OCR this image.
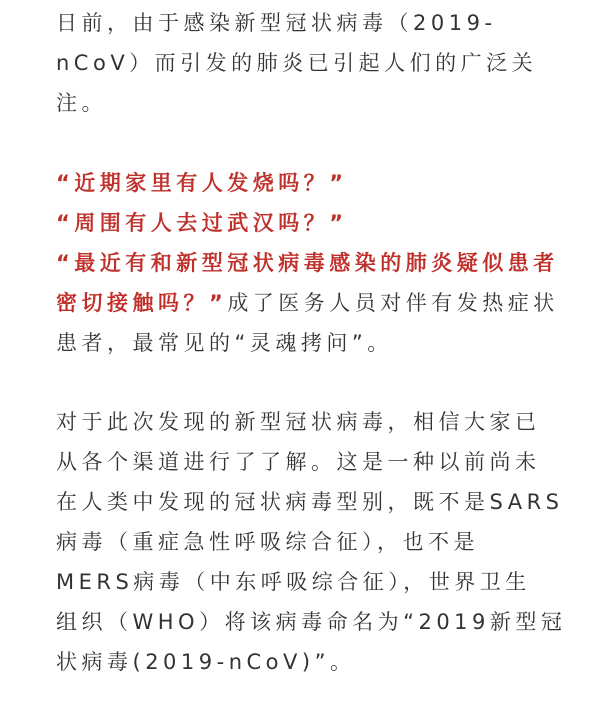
日前，由于感染新型冠状病毒（2019-
nCoV）而引发的肺炎已引起人们的广泛关
注。

“近期家里有人发烧吗？”
“周围有人去过武汉吗？”
“最近有和新型冠状病毒感染的肺炎疑似患者
密切接触吗？”成了医务人员对伴有发热症状
患者，最常见的“灵魂拷问”。

对于此次发现的新型冠状病毒，相信大家已
从各个渠道进行了了解。这是一种以前尚未
在人类中发现的冠状病毒型别，既不是SARS
病毒（重症急性呼吸综合征），也不是
MERS病毒（中东呼吸综合征），世界卫生
组织（WHO）将该病毒命名为“2019新型冠
状病毒(2019-nCoV)”。
